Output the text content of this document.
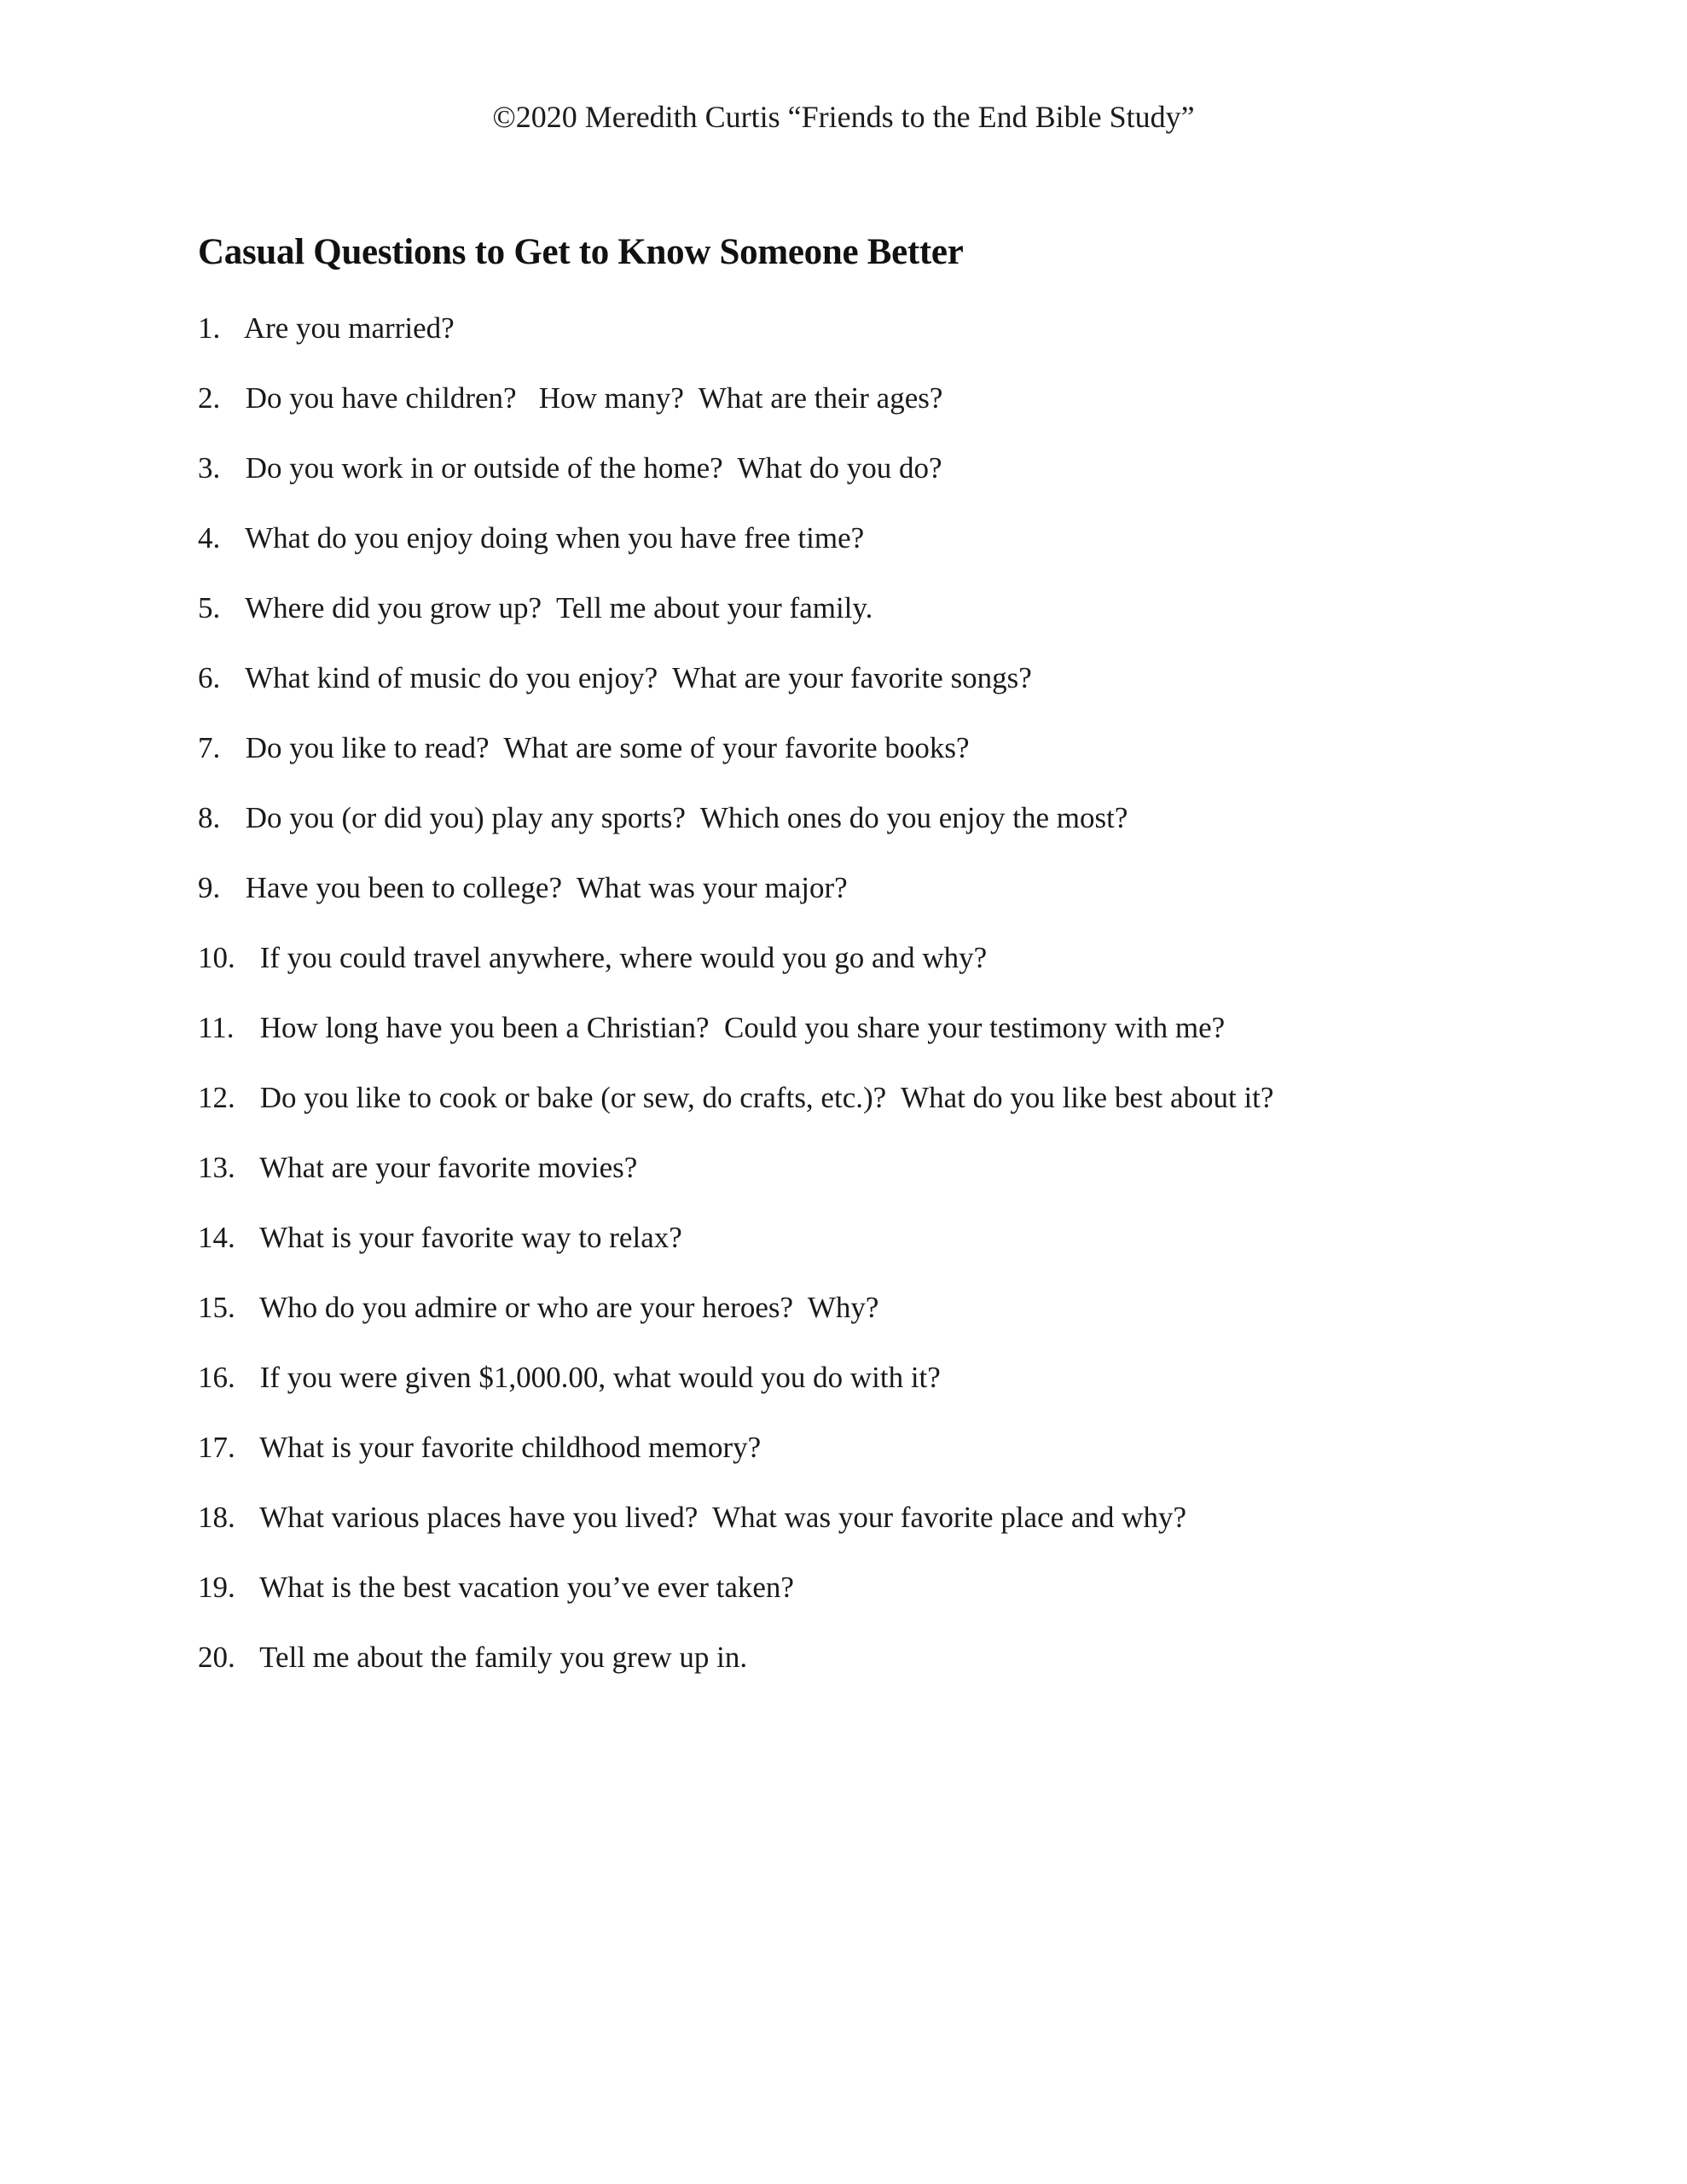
©2020 Meredith Curtis “Friends to the End Bible Study”
Casual Questions to Get to Know Someone Better
1. Are you married?
2. Do you have children?   How many?  What are their ages?
3. Do you work in or outside of the home?  What do you do?
4. What do you enjoy doing when you have free time?
5. Where did you grow up?  Tell me about your family.
6. What kind of music do you enjoy?  What are your favorite songs?
7. Do you like to read?  What are some of your favorite books?
8. Do you (or did you) play any sports?  Which ones do you enjoy the most?
9. Have you been to college?  What was your major?
10. If you could travel anywhere, where would you go and why?
11. How long have you been a Christian?  Could you share your testimony with me?
12. Do you like to cook or bake (or sew, do crafts, etc.)?  What do you like best about it?
13. What are your favorite movies?
14. What is your favorite way to relax?
15. Who do you admire or who are your heroes?  Why?
16. If you were given $1,000.00, what would you do with it?
17. What is your favorite childhood memory?
18. What various places have you lived?  What was your favorite place and why?
19. What is the best vacation you’ve ever taken?
20. Tell me about the family you grew up in.
